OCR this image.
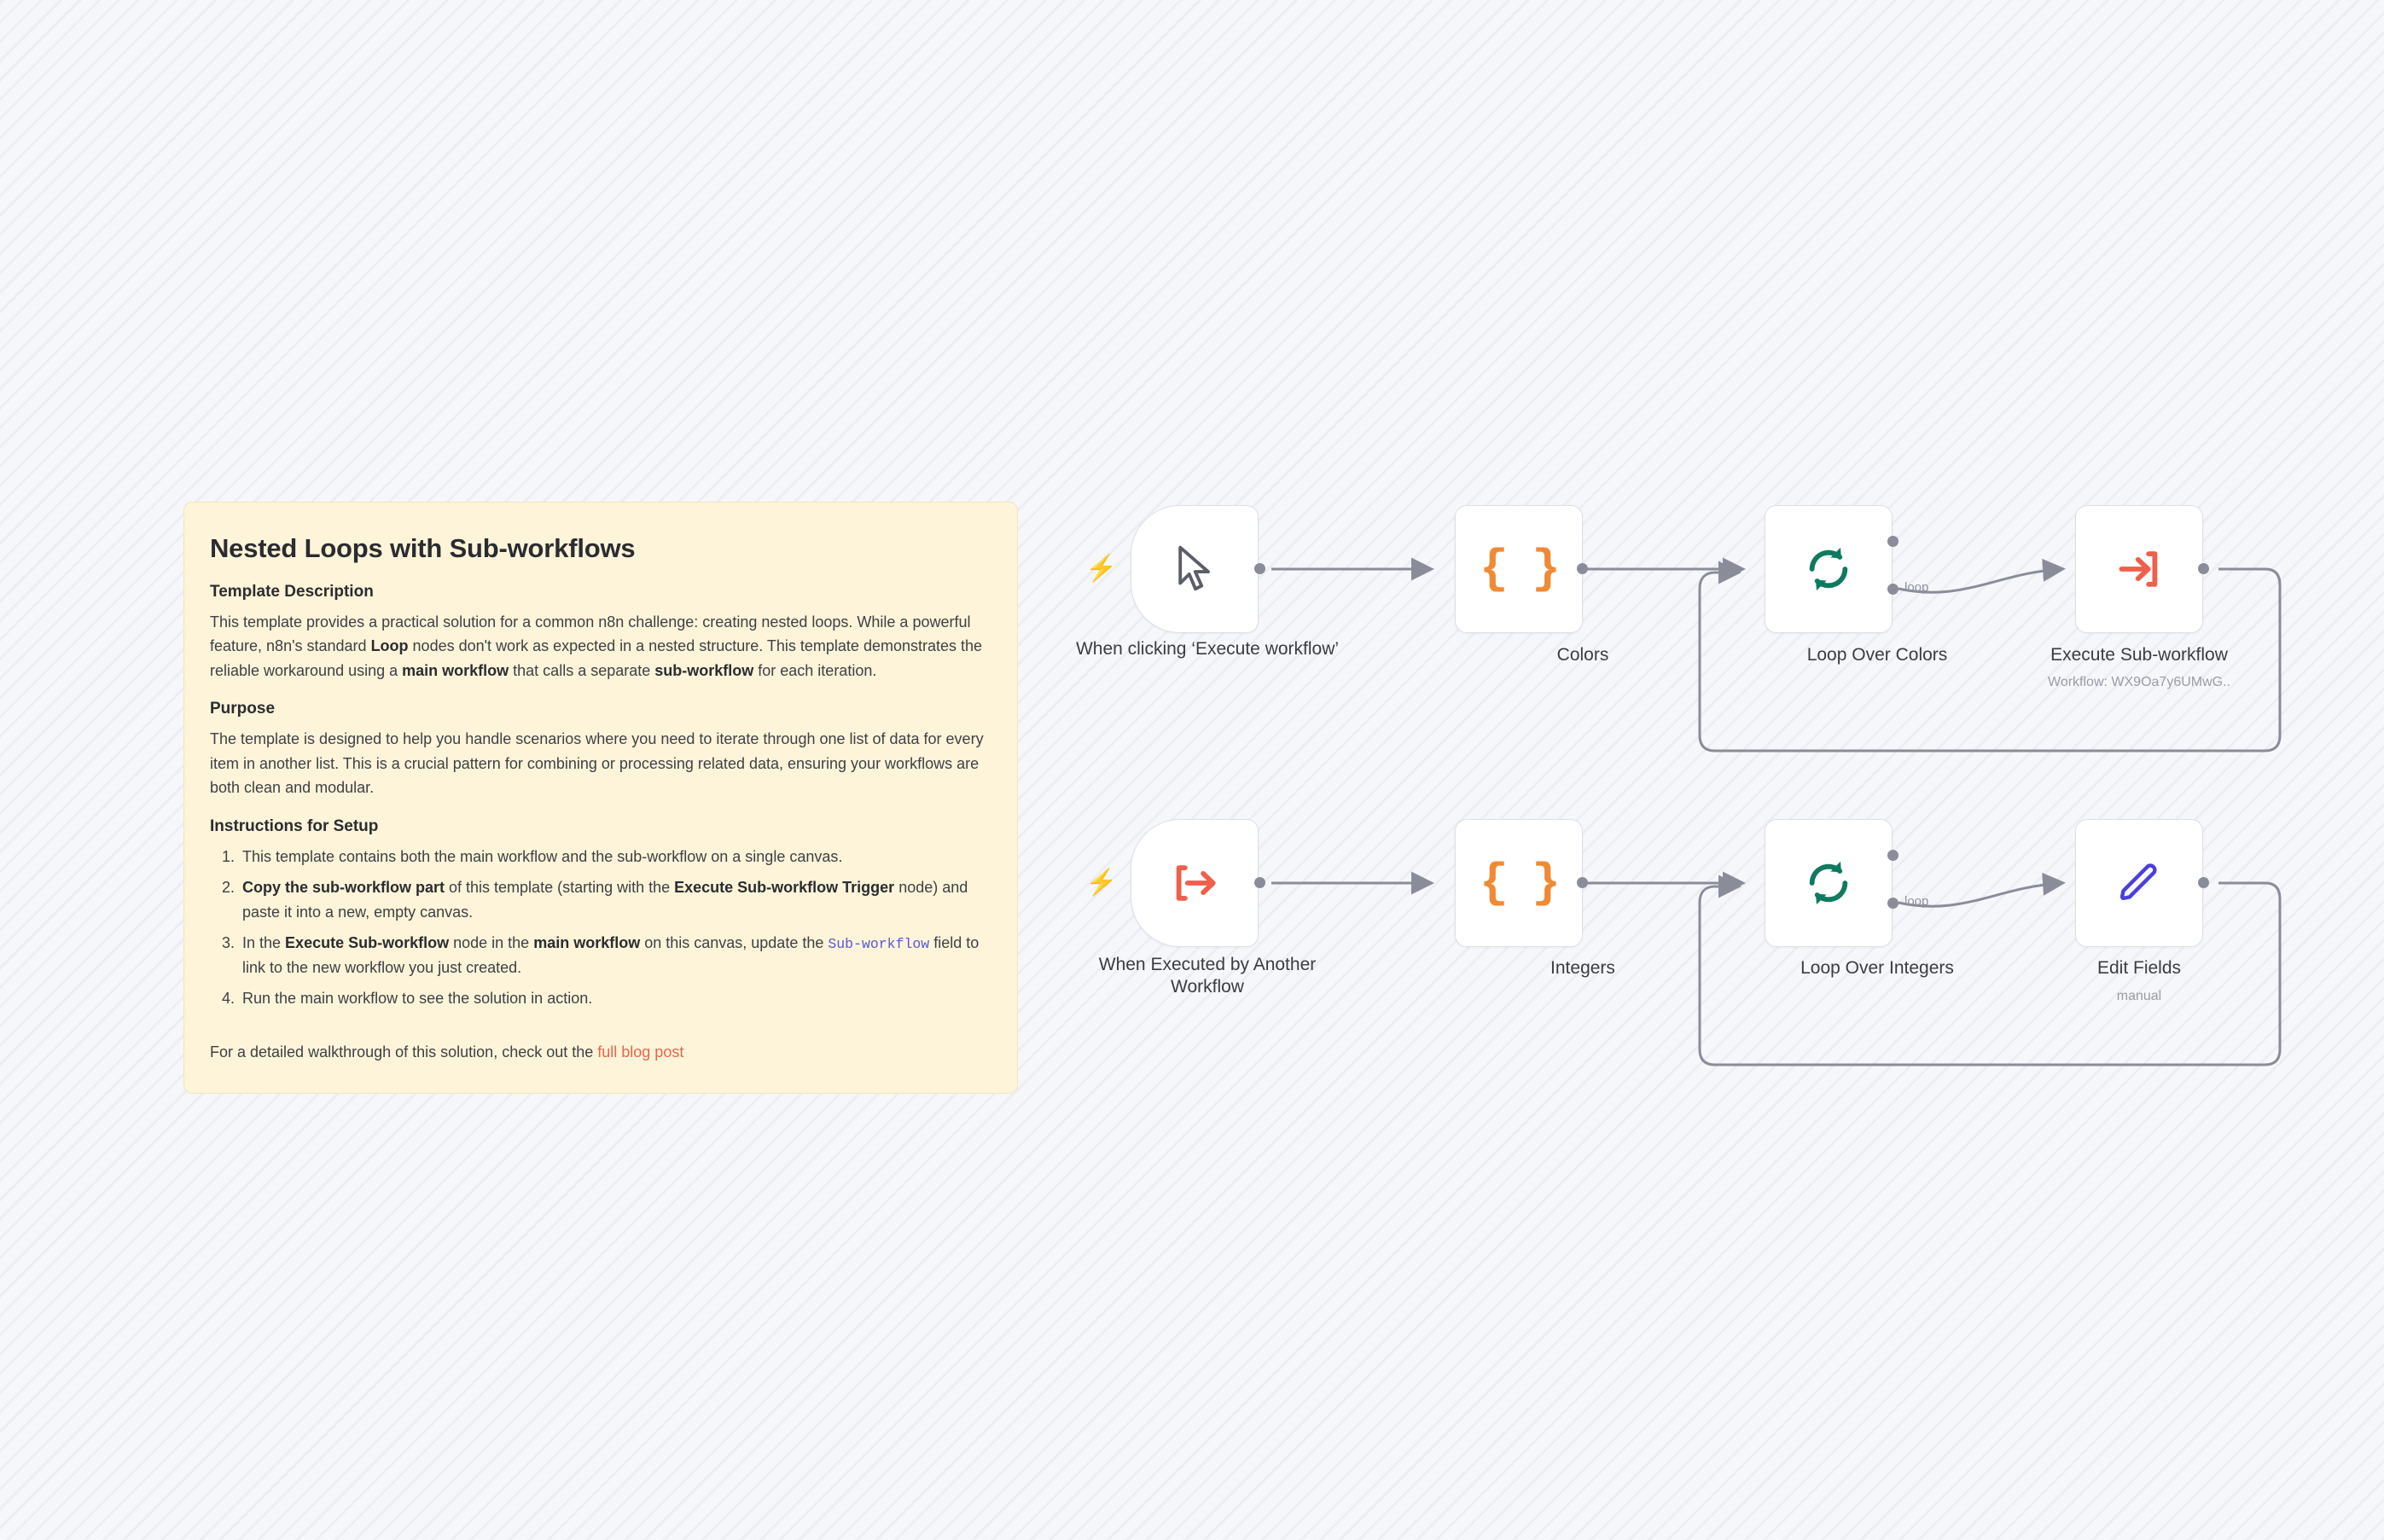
Nested Loops with Sub-workflows
Template Description

This template provides a practical solution for a common n8n challenge: creating nested loops. While a powerful feature, n8n's standard Loop nodes don't work as expected in a nested structure. This template demonstrates the reliable workaround using a main workflow that calls a separate sub-workflow for each iteration.

Purpose

The template is designed to help you handle scenarios where you need to iterate through one list of data for every item in another list. This is a crucial pattern for combining or processing related data, ensuring your workflows are both clean and modular.

Instructions for Setup
1. This template contains both the main workflow and the sub-workflow on a single canvas.
2. Copy the sub-workflow part of this template (starting with the Execute Sub-workflow Trigger node) and paste it into a new, empty canvas.
3. In the Execute Sub-workflow node in the main workflow on this canvas, update the Sub-workflow field to link to the new workflow you just created.
4. Run the main workflow to see the solution in action.
For a detailed walkthrough of this solution, check out the full blog post
⚡
When clicking ‘Execute workflow’
{ }
Colors
loop
Loop Over Colors	Execute Sub-workflow
Workflow: WX9Oa7y6UMwG..
⚡
When Executed by Another Workflow
{ }
Integers
loop
Loop Over Integers	Edit Fields
manual
